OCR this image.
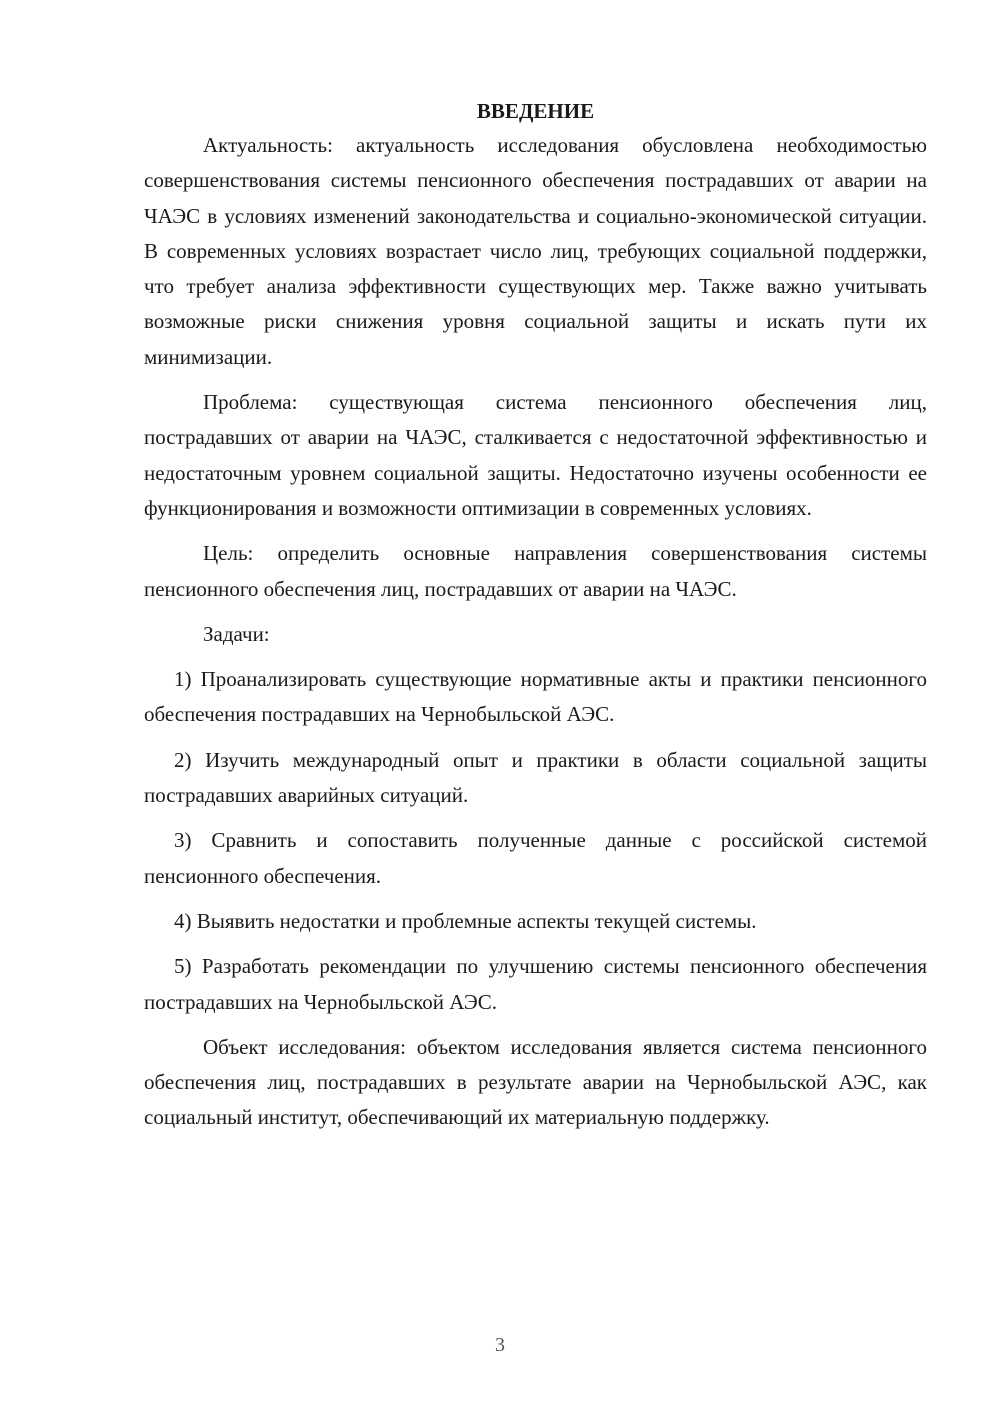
ВВЕДЕНИЕ

Актуальность: актуальность исследования обусловлена необходимостью совершенствования системы пенсионного обеспечения пострадавших от аварии на ЧАЭС в условиях изменений законодательства и социально-экономической ситуации. В современных условиях возрастает число лиц, требующих социальной поддержки, что требует анализа эффективности существующих мер. Также важно учитывать возможные риски снижения уровня социальной защиты и искать пути их минимизации.

Проблема: существующая система пенсионного обеспечения лиц, пострадавших от аварии на ЧАЭС, сталкивается с недостаточной эффективностью и недостаточным уровнем социальной защиты. Недостаточно изучены особенности ее функционирования и возможности оптимизации в современных условиях.

Цель: определить основные направления совершенствования системы пенсионного обеспечения лиц, пострадавших от аварии на ЧАЭС.

Задачи:

1) Проанализировать существующие нормативные акты и практики пенсионного обеспечения пострадавших на Чернобыльской АЭС.

2) Изучить международный опыт и практики в области социальной защиты пострадавших аварийных ситуаций.

3) Сравнить и сопоставить полученные данные с российской системой пенсионного обеспечения.

4) Выявить недостатки и проблемные аспекты текущей системы.

5) Разработать рекомендации по улучшению системы пенсионного обеспечения пострадавших на Чернобыльской АЭС.

Объект исследования: объектом исследования является система пенсионного обеспечения лиц, пострадавших в результате аварии на Чернобыльской АЭС, как социальный институт, обеспечивающий их материальную поддержку.

3
